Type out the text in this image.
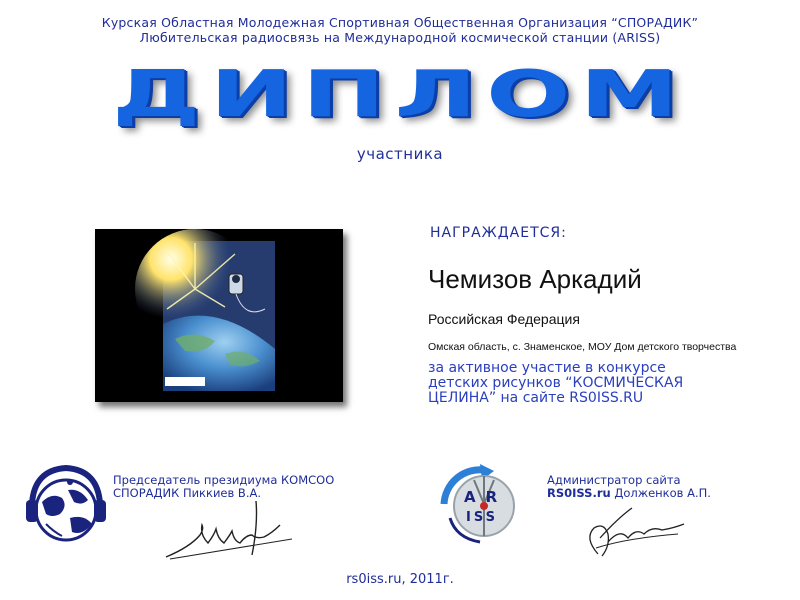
Курская Областная Молодежная Спортивная Общественная Организация “СПОРАДИК”
Любительская радиосвязь на Международной космической станции (ARISS)
ДИПЛОМ
участника
НАГРАЖДАЕТСЯ:
Чемизов Аркадий
Российская Федерация
Омская область, с. Знаменское, МОУ Дом детского творчества
за активное участие в конкурсе
детских рисунков “КОСМИЧЕСКАЯ
ЦЕЛИНА” на сайте RS0ISS.RU
Председатель президиума КОМСОО
СПОРАДИК Пиккиев В.А.	AR
ISS
Администратор сайта
RS0ISS.ru Долженков А.П.
rs0iss.ru, 2011г.
